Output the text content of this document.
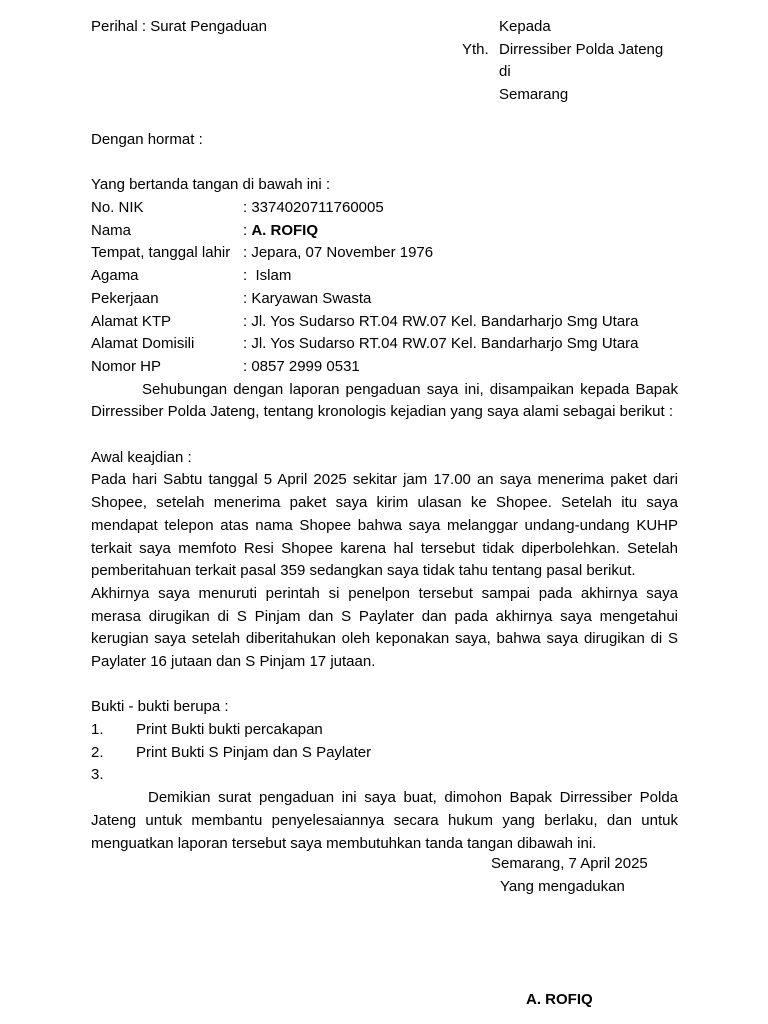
Perihal : Surat Pengaduan	Kepada
Yth. Dirressiber Polda Jateng
di
Semarang
Dengan hormat :
Yang bertanda tangan di bawah ini :
No. NIK	: 3374020711760005
Nama	: A. ROFIQ
Tempat, tanggal lahir : Jepara, 07 November 1976
Agama	:  Islam
Pekerjaan	: Karyawan Swasta
Alamat KTP	: Jl. Yos Sudarso RT.04 RW.07 Kel. Bandarharjo Smg Utara
Alamat Domisili	: Jl. Yos Sudarso RT.04 RW.07 Kel. Bandarharjo Smg Utara
Nomor HP	: 0857 2999 0531
Sehubungan dengan laporan pengaduan saya ini, disampaikan kepada Bapak Dirressiber Polda Jateng, tentang kronologis kejadian yang saya alami sebagai berikut :
Awal keajdian :
Pada hari Sabtu tanggal 5 April 2025 sekitar jam 17.00 an saya menerima paket dari Shopee, setelah menerima paket saya kirim ulasan ke Shopee. Setelah itu saya mendapat telepon atas nama Shopee bahwa saya melanggar undang-undang KUHP terkait saya memfoto Resi Shopee karena hal tersebut tidak diperbolehkan. Setelah pemberitahuan terkait pasal 359 sedangkan saya tidak tahu tentang pasal berikut.
Akhirnya saya menuruti perintah si penelpon tersebut sampai pada akhirnya saya merasa dirugikan di S Pinjam dan S Paylater dan pada akhirnya saya mengetahui kerugian saya setelah diberitahukan oleh keponakan saya, bahwa saya dirugikan di S Paylater 16 jutaan dan S Pinjam 17 jutaan.
Bukti - bukti berupa :
1. Print Bukti bukti percakapan
2. Print Bukti S Pinjam dan S Paylater
3.
Demikian surat pengaduan ini saya buat, dimohon Bapak Dirressiber Polda Jateng untuk membantu penyelesaiannya secara hukum yang berlaku, dan untuk menguatkan laporan tersebut saya membutuhkan tanda tangan dibawah ini.
Semarang, 7 April 2025
Yang mengadukan
A. ROFIQ
